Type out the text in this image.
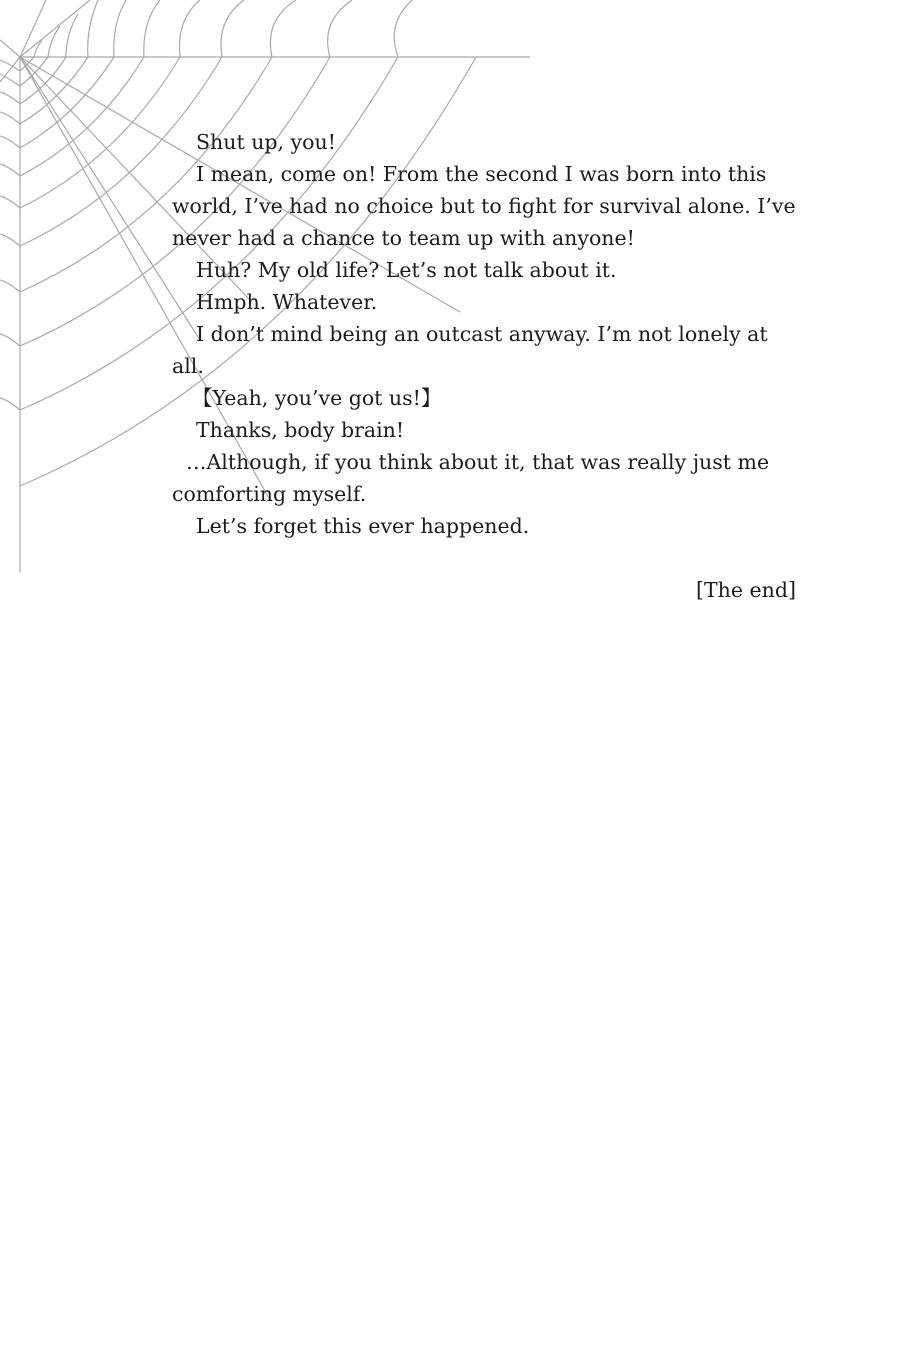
Shut up, you!

I mean, come on! From the second I was born into this world, I’ve had no choice but to fight for survival alone. I’ve never had a chance to team up with anyone!

Huh? My old life? Let’s not talk about it.

Hmph. Whatever.

I don’t mind being an outcast anyway. I’m not lonely at all.

【Yeah, you’ve got us!】

Thanks, body brain!

…Although, if you think about it, that was really just me comforting myself.

Let’s forget this ever happened.

[The end]
